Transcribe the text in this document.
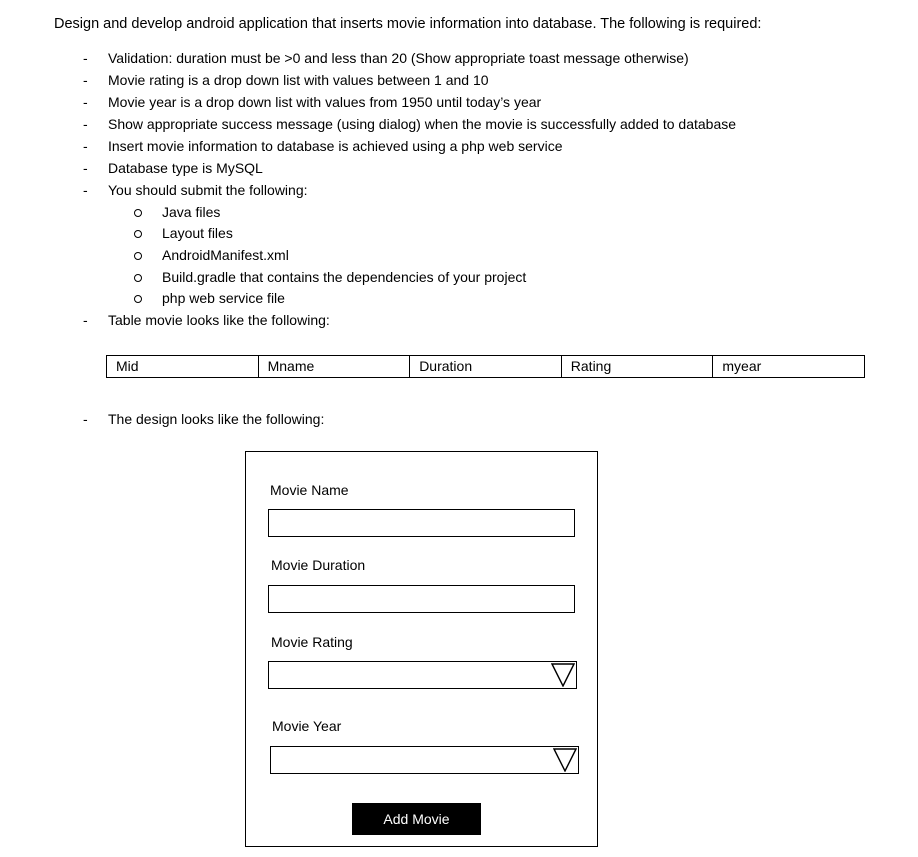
Design and develop android application that inserts movie information into database. The following is required:
- Validation: duration must be >0 and less than 20 (Show appropriate toast message otherwise)
- Movie rating is a drop down list with values between 1 and 10
- Movie year is a drop down list with values from 1950 until today’s year
- Show appropriate success message (using dialog) when the movie is successfully added to database
- Insert movie information to database is achieved using a php web service
- Database type is MySQL
- You should submit the following:
Java files
Layout files
AndroidManifest.xml
Build.gradle that contains the dependencies of your project
php web service file
- Table movie looks like the following:
- The design looks like the following:
Mid	Mname	Duration	Rating	myear
Movie Name
Movie Duration
Movie Rating
Movie Year
Add Movie
